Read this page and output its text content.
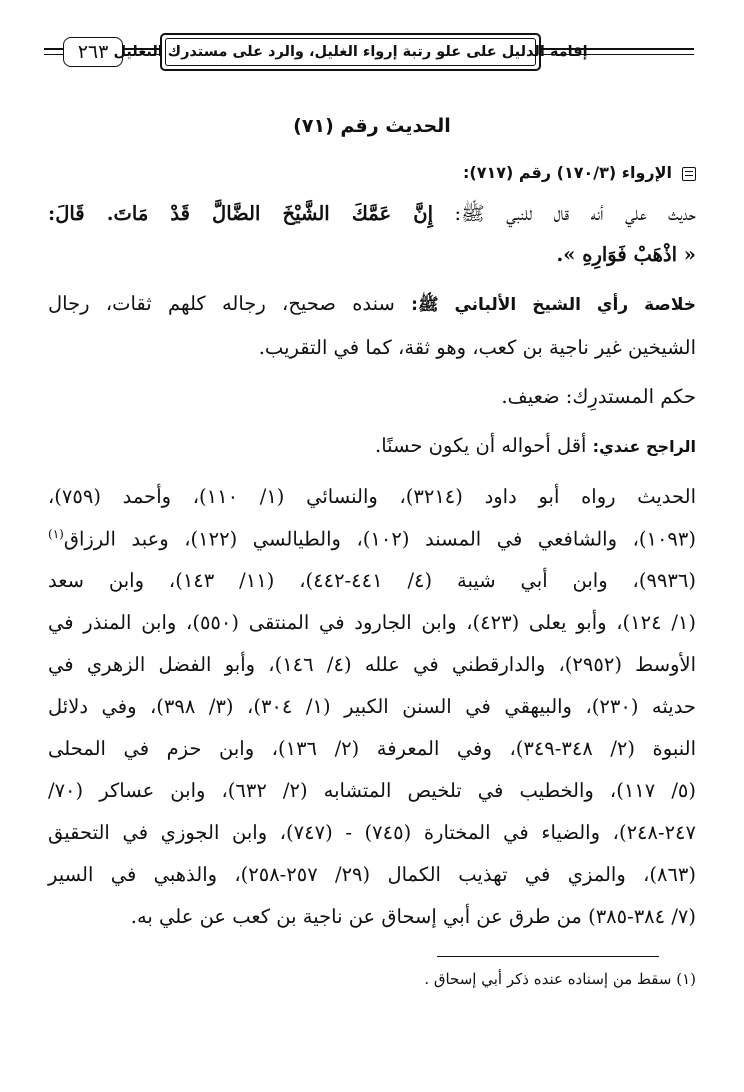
إقامة الدليل على علو رتبة إرواء الغليل، والرد على مستدرك التعليل
٢٦٣
الحديث رقم (٧١)
الإرواء (١٧٠/٣) رقم (٧١٧):
حديث علي أنه قال للنبي ﷺ: إِنَّ عَمَّكَ الشَّيْخَ الضَّالَّ قَدْ مَاتَ. قَالَ:
« اذْهَبْ فَوَارِهِ ».
خلاصة رأي الشيخ الألباني ﷺ: سنده صحيح، رجاله كلهم ثقات، رجال
الشيخين غير ناجية بن كعب، وهو ثقة، كما في التقريب.
حكم المستدرِك: ضعيف.
الراجح عندي: أقل أحواله أن يكون حسنًا.
الحديث رواه أبو داود (٣٢١٤)، والنسائي (١/ ١١٠)، وأحمد (٧٥٩)،
(١٠٩٣)، والشافعي في المسند (١٠٢)، والطيالسي (١٢٢)، وعبد الرزاق$^{(١)}$
(٩٩٣٦)، وابن أبي شيبة (٤/ ٤٤١-٤٤٢)، (١١/ ١٤٣)، وابن سعد
(١/ ١٢٤)، وأبو يعلى (٤٢٣)، وابن الجارود في المنتقى (٥٥٠)، وابن المنذر في
الأوسط (٢٩٥٢)، والدارقطني في علله (٤/ ١٤٦)، وأبو الفضل الزهري في
حديثه (٢٣٠)، والبيهقي في السنن الكبير (١/ ٣٠٤)، (٣/ ٣٩٨)، وفي دلائل
النبوة (٢/ ٣٤٨-٣٤٩)، وفي المعرفة (٢/ ١٣٦)، وابن حزم في المحلى
(٥/ ١١٧)، والخطيب في تلخيص المتشابه (٢/ ٦٣٢)، وابن عساكر (٧٠/
٢٤٧-٢٤٨)، والضياء في المختارة (٧٤٥) - (٧٤٧)، وابن الجوزي في التحقيق
(٨٦٣)، والمزي في تهذيب الكمال (٢٩/ ٢٥٧-٢٥٨)، والذهبي في السير
(٧/ ٣٨٤-٣٨٥) من طرق عن أبي إسحاق عن ناجية بن كعب عن علي به.
(١) سقط من إسناده عنده ذكر أبي إسحاق .
